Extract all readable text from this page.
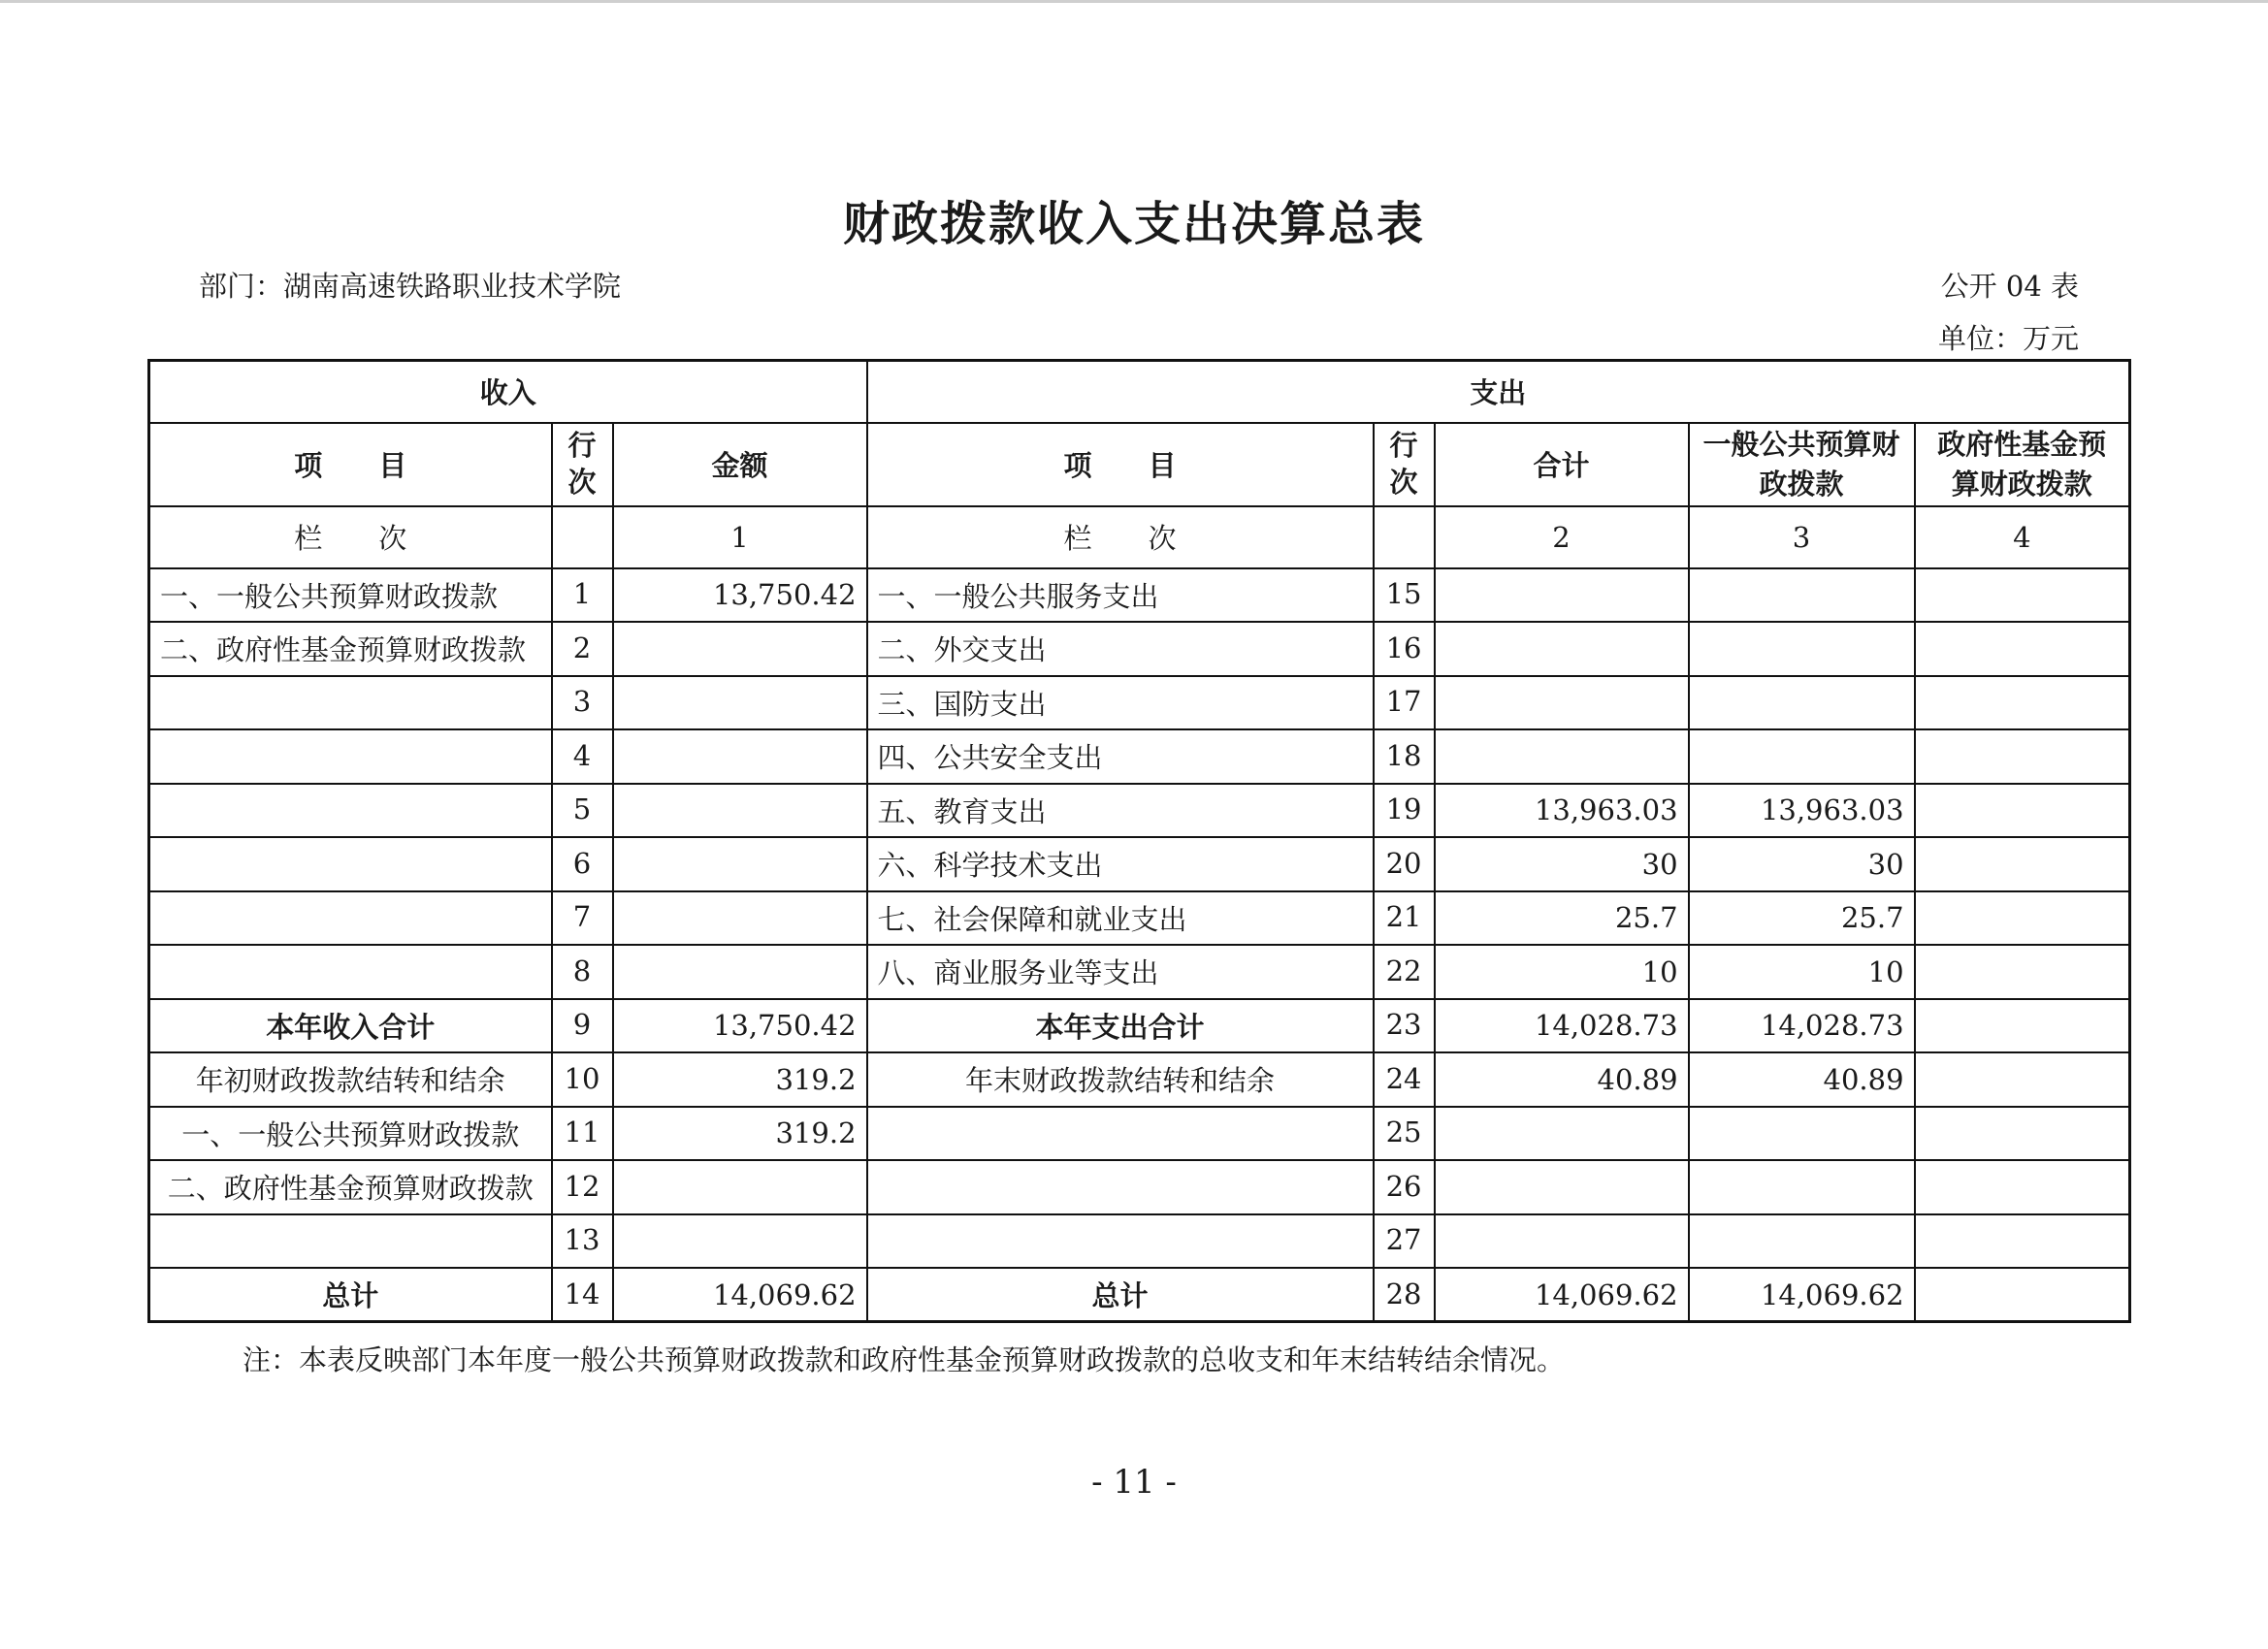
财政拨款收入支出决算总表
部门：湖南高速铁路职业技术学院	公开 04 表
单位：万元
收入			支出				
项　　目	行次	金额	项　　目	行次	合计	一般公共预算财政拨款	政府性基金预算财政拨款
栏　　次		1	栏　　次		2	3	4
一、一般公共预算财政拨款	1	13,750.42	一、一般公共服务支出	15			
二、政府性基金预算财政拨款	2		二、外交支出	16			
	3		三、国防支出	17			
	4		四、公共安全支出	18			
	5		五、教育支出	19	13,963.03	13,963.03	
	6		六、科学技术支出	20	30	30	
	7		七、社会保障和就业支出	21	25.7	25.7	
	8		八、商业服务业等支出	22	10	10	
本年收入合计	9	13,750.42	本年支出合计	23	14,028.73	14,028.73	
年初财政拨款结转和结余	10	319.2	年末财政拨款结转和结余	24	40.89	40.89	
一、一般公共预算财政拨款	11	319.2		25			
二、政府性基金预算财政拨款	12			26			
	13			27			
总计	14	14,069.62	总计	28	14,069.62	14,069.62	
注：本表反映部门本年度一般公共预算财政拨款和政府性基金预算财政拨款的总收支和年末结转结余情况。
- 11 -
